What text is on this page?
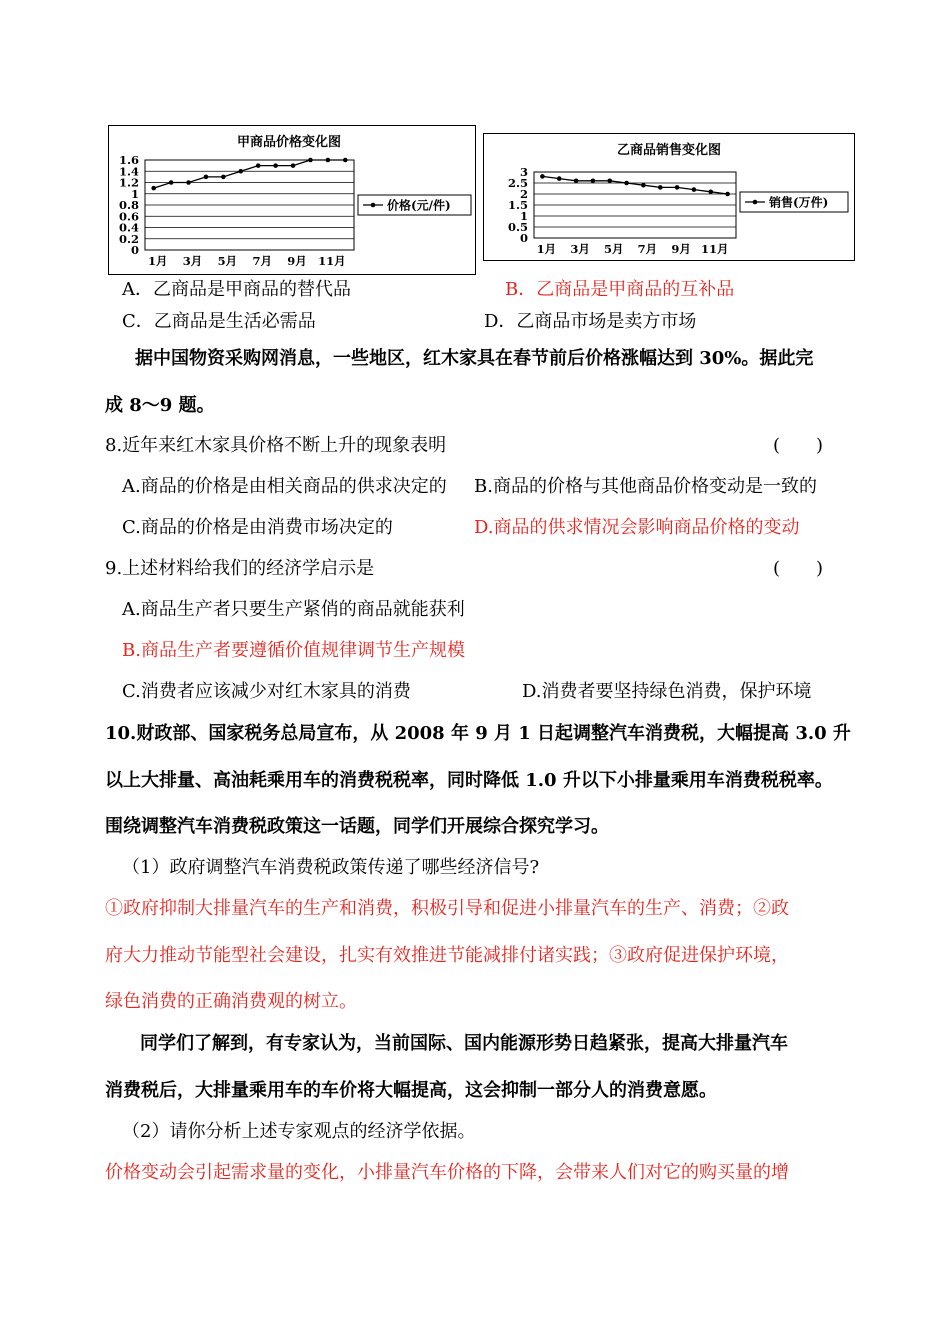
甲商品价格变化图
1.6
1.4
1.2
1
0.8
0.6
0.4
0.2
0
1月 3月 5月 7月 9月 11月
价格(元/件)
乙商品销售变化图
3
2.5
2
1.5
1
0.5
0
1月 3月 5月 7月 9月 11月
销售(万件)
A．乙商品是甲商品的替代品	B．乙商品是甲商品的互补品
C．乙商品是生活必需品	D．乙商品市场是卖方市场
据中国物资采购网消息，一些地区，红木家具在春节前后价格涨幅达到 30%。据此完
成 8～9 题。
8.近年来红木家具价格不断上升的现象表明	(　　)
A.商品的价格是由相关商品的供求决定的 B.商品的价格与其他商品价格变动是一致的
C.商品的价格是由消费市场决定的	D.商品的供求情况会影响商品价格的变动
9.上述材料给我们的经济学启示是	(　　)
A.商品生产者只要生产紧俏的商品就能获利
B.商品生产者要遵循价值规律调节生产规模
C.消费者应该减少对红木家具的消费	D.消费者要坚持绿色消费，保护环境
10.财政部、国家税务总局宣布，从 2008 年 9 月 1 日起调整汽车消费税，大幅提高 3.0 升
以上大排量、高油耗乘用车的消费税税率，同时降低 1.0 升以下小排量乘用车消费税税率。
围绕调整汽车消费税政策这一话题，同学们开展综合探究学习。
（1）政府调整汽车消费税政策传递了哪些经济信号?
①政府抑制大排量汽车的生产和消费，积极引导和促进小排量汽车的生产、消费；②政
府大力推动节能型社会建设，扎实有效推进节能减排付诸实践；③政府促进保护环境，
绿色消费的正确消费观的树立。
同学们了解到，有专家认为，当前国际、国内能源形势日趋紧张，提高大排量汽车
消费税后，大排量乘用车的车价将大幅提高，这会抑制一部分人的消费意愿。
（2）请你分析上述专家观点的经济学依据。
价格变动会引起需求量的变化，小排量汽车价格的下降，会带来人们对它的购买量的增
